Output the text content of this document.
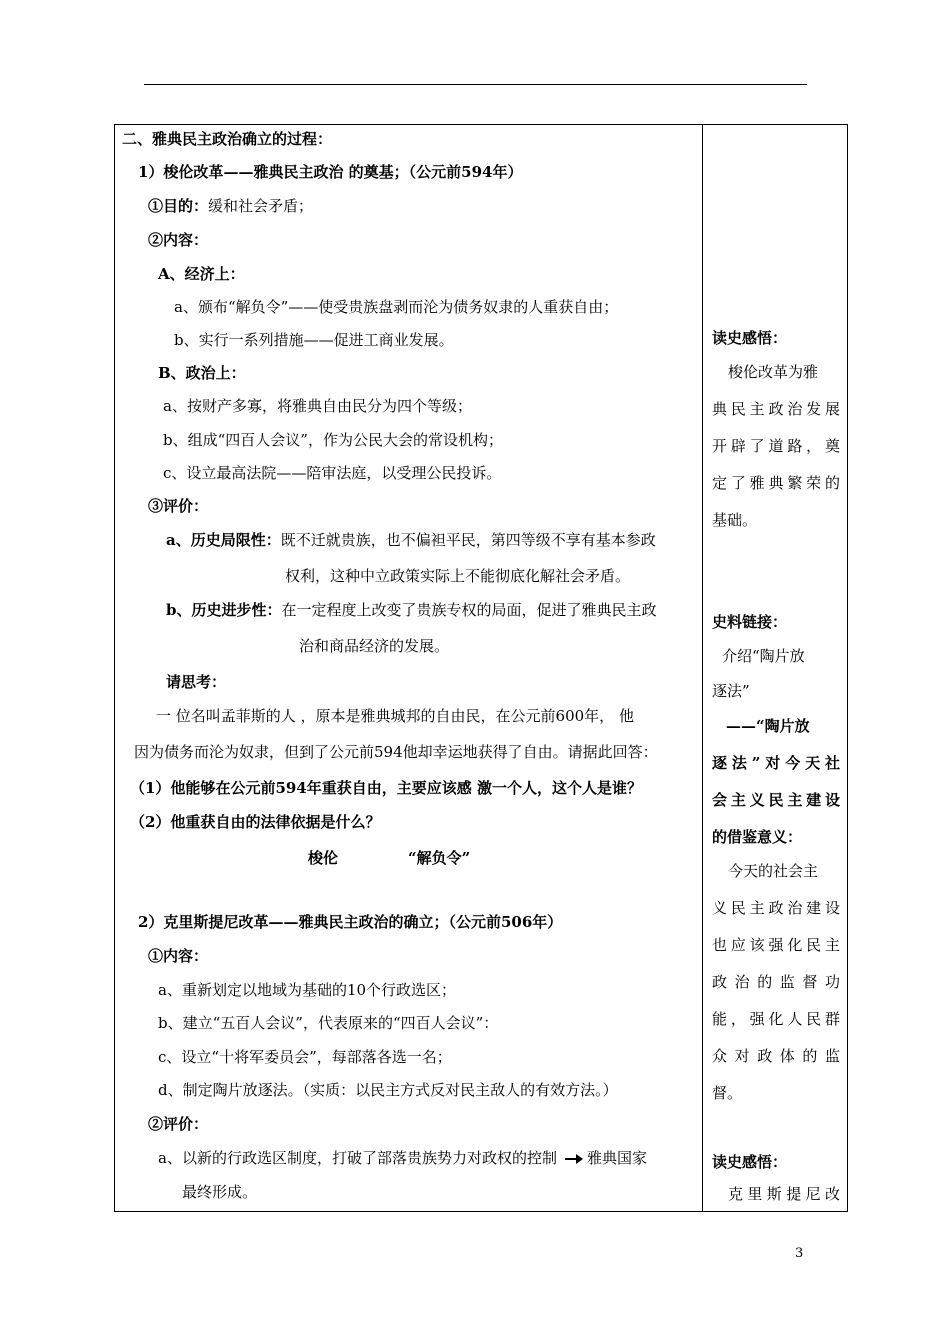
二、雅典民主政治确立的过程：
1）梭伦改革——雅典民主政治 的奠基；（公元前594年）
①目的：缓和社会矛盾；
②内容：
A、经济上：
a、颁布“解负令”——使受贵族盘剥而沦为债务奴隶的人重获自由；
b、实行一系列措施——促进工商业发展。
B、政治上：
a、按财产多寡，将雅典自由民分为四个等级；
b、组成“四百人会议”，作为公民大会的常设机构；
c、设立最高法院——陪审法庭，以受理公民投诉。
③评价：
a、历史局限性：既不迁就贵族，也不偏袒平民，第四等级不享有基本参政
权利，这种中立政策实际上不能彻底化解社会矛盾。
b、历史进步性：在一定程度上改变了贵族专权的局面，促进了雅典民主政
治和商品经济的发展。
请思考：
一 位名叫孟菲斯的人 ，原本是雅典城邦的自由民，在公元前600年， 他
因为债务而沦为奴隶，但到了公元前594他却幸运地获得了自由。请据此回答：
（1）他能够在公元前594年重获自由，主要应该感 激一个人，这个人是谁？
（2）他重获自由的法律依据是什么？
梭伦	“解负令”
2）克里斯提尼改革——雅典民主政治的确立；（公元前506年）
①内容：
a、重新划定以地域为基础的10个行政选区；
b、建立“五百人会议”，代表原来的“四百人会议”：
c、设立“十将军委员会”，每部落各选一名；
d、制定陶片放逐法。（实质：以民主方式反对民主敌人的有效方法。）
②评价：
a、以新的行政选区制度，打破了部落贵族势力对政权的控制 雅典国家
最终形成。
读史感悟：
梭伦改革为雅
典民主政治发展
开辟了道路，奠
定了雅典繁荣的
基础。
史料链接：
介绍“陶片放
逐法”
——“陶片放
逐法”对今天社
会主义民主建设
的借鉴意义：
今天的社会主
义民主政治建设
也应该强化民主
政 治 的 监 督 功
能，强化人民群
众 对 政 体 的 监
督。
读史感悟：
克里斯提尼改
3
